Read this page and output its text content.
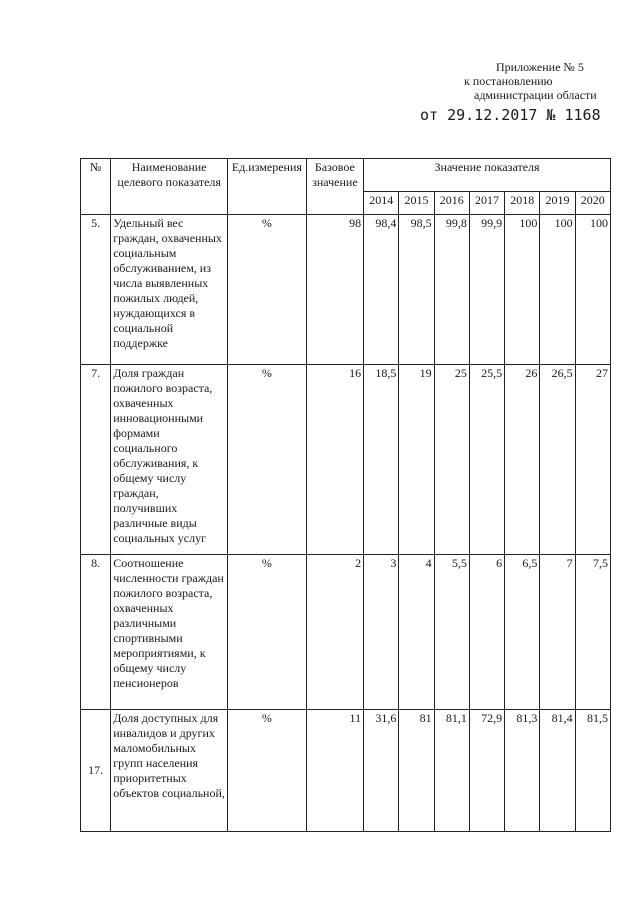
Приложение № 5
к постановлению
администрации области
от 29.12.2017 № 1168
№	Наименование целевого показателя	Ед.измерения	Базовое значение	Значение показателя						
				2014	2015	2016	2017	2018	2019	2020
5.	Удельный вес граждан, охваченных социальным обслуживанием, из числа выявленных пожилых людей, нуждающихся в социальной поддержке	%	98	98,4	98,5	99,8	99,9	100	100	100
7.	Доля граждан пожилого возраста, охваченных инновационными формами социального обслуживания, к общему числу граждан, получивших различные виды социальных услуг	%	16	18,5	19	25	25,5	26	26,5	27
8.	Соотношение численности граждан пожилого возраста, охваченных различными спортивными мероприятиями, к общему числу пенсионеров	%	2	3	4	5,5	6	6,5	7	7,5
17.	Доля доступных для инвалидов и других маломобильных групп населения приоритетных объектов социальной,	%	11	31,6	81	81,1	72,9	81,3	81,4	81,5
